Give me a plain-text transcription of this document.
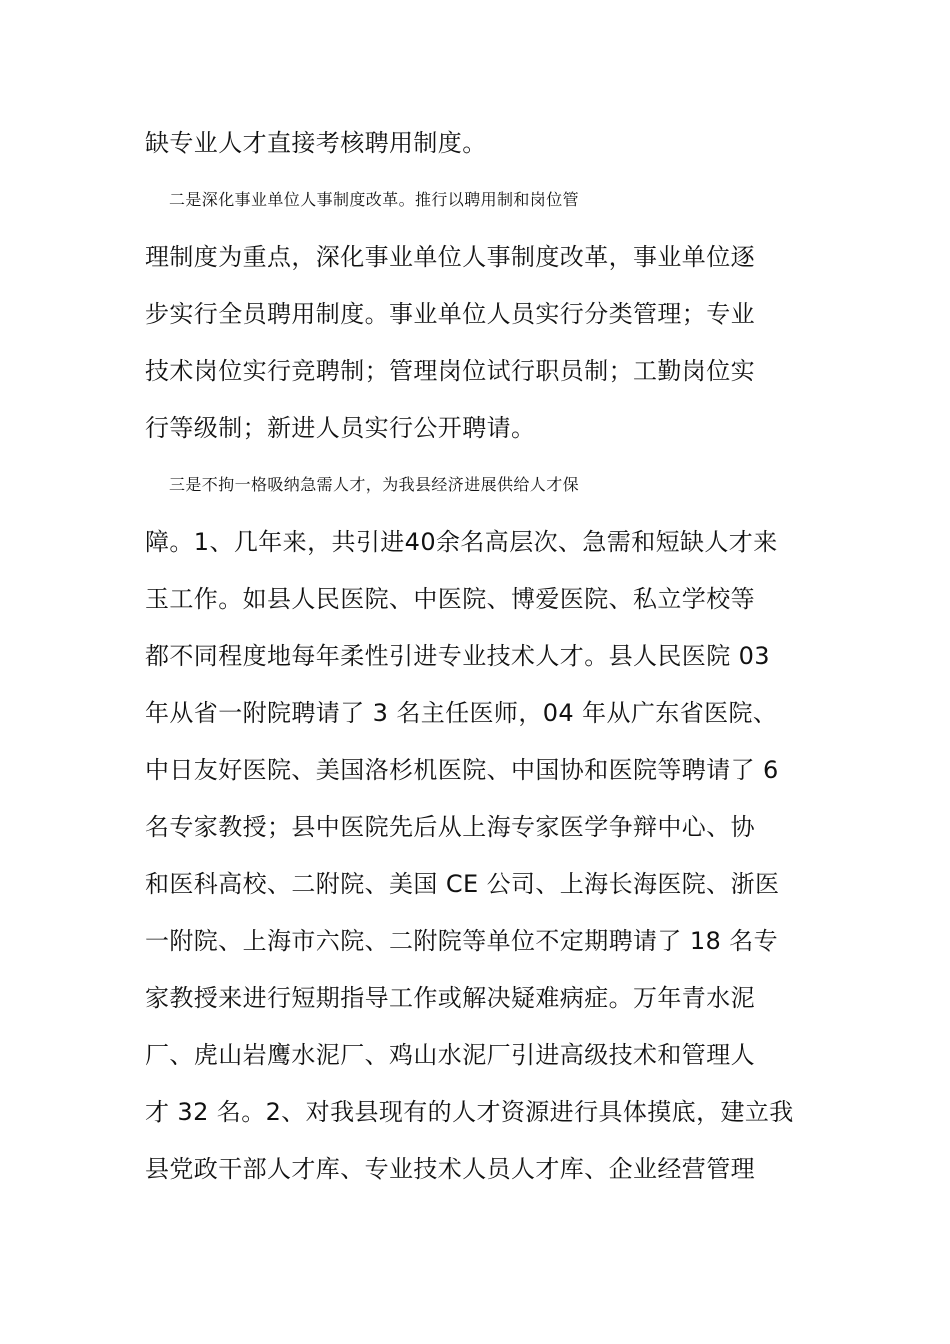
缺专业人才直接考核聘用制度。
二是深化事业单位人事制度改革。推行以聘用制和岗位管
理制度为重点，深化事业单位人事制度改革，事业单位逐
步实行全员聘用制度。事业单位人员实行分类管理；专业
技术岗位实行竞聘制；管理岗位试行职员制；工勤岗位实
行等级制；新进人员实行公开聘请。
三是不拘一格吸纳急需人才，为我县经济进展供给人才保
障。1、几年来，共引进40余名高层次、急需和短缺人才来
玉工作。如县人民医院、中医院、博爱医院、私立学校等
都不同程度地每年柔性引进专业技术人才。县人民医院 03
年从省一附院聘请了 3 名主任医师，04 年从广东省医院、
中日友好医院、美国洛杉机医院、中国协和医院等聘请了 6
名专家教授；县中医院先后从上海专家医学争辩中心、协
和医科高校、二附院、美国 CE 公司、上海长海医院、浙医
一附院、上海市六院、二附院等单位不定期聘请了 18 名专
家教授来进行短期指导工作或解决疑难病症。万年青水泥
厂、虎山岩鹰水泥厂、鸡山水泥厂引进高级技术和管理人
才 32 名。2、对我县现有的人才资源进行具体摸底，建立我
县党政干部人才库、专业技术人员人才库、企业经营管理
